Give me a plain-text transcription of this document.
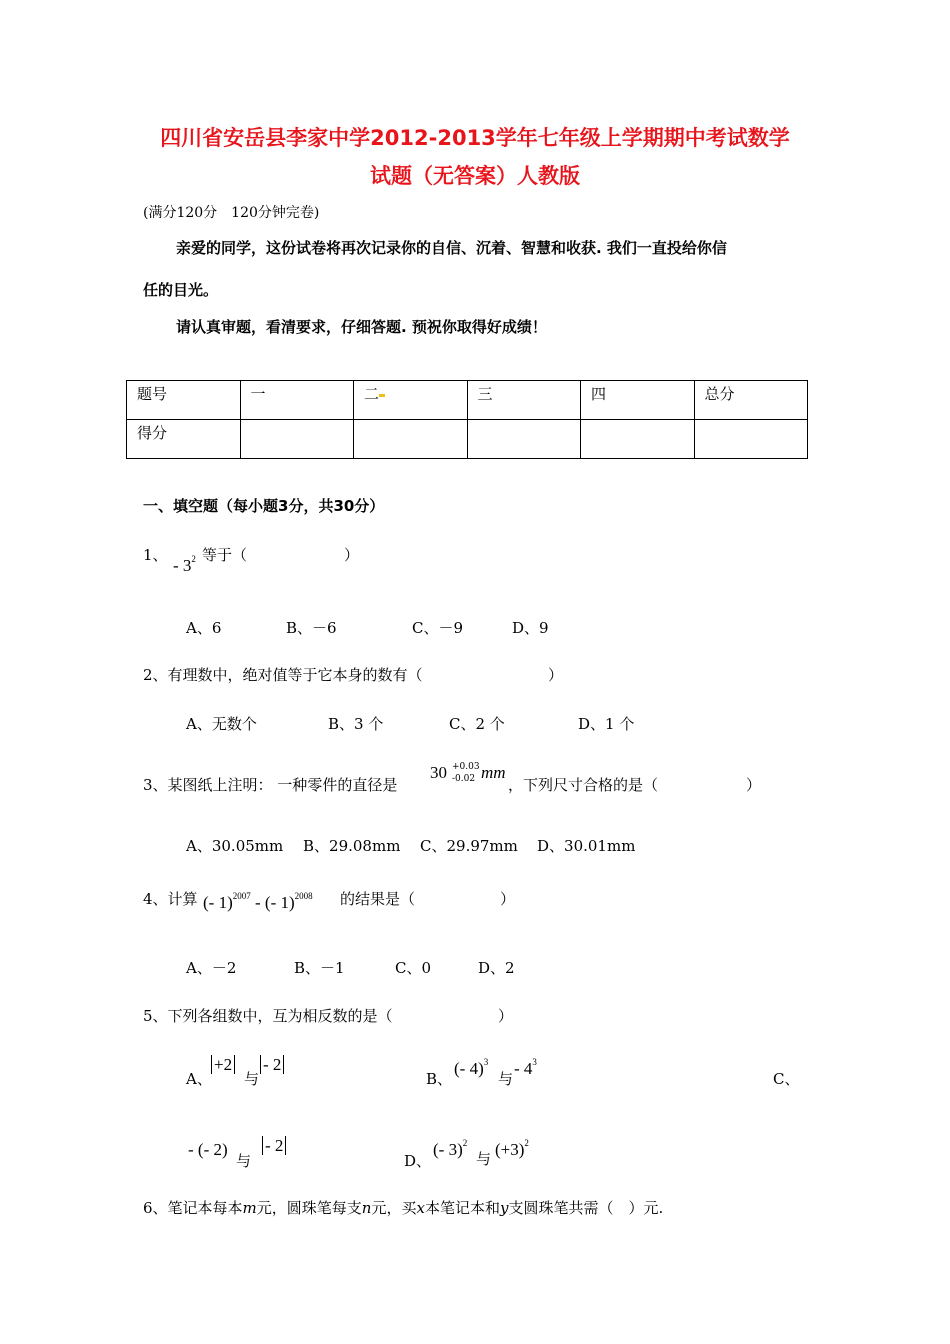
四川省安岳县李家中学2012-2013学年七年级上学期期中考试数学
试题（无答案）人教版
(满分120分　120分钟完卷)
亲爱的同学，这份试卷将再次记录你的自信、沉着、智慧和收获. 我们一直投给你信
任的目光。
请认真审题，看清要求，仔细答题. 预祝你取得好成绩！
题号	一	二	三	四	总分
得分					
一、填空题（每小题3分，共30分）
1、
- $3^2$ 等于（	）
A、6	B、－6	C、－9	D、9
2、有理数中，绝对值等于它本身的数有（	）
A、无数个	B、3 个	C、2 个	D、1 个
3、某图纸上注明： 一种零件的直径是
30 +0.03
-0.02 mm
，下列尺寸合格的是（	）
A、30.05mm B、29.08mm C、29.97mm D、30.01mm
4、计算 (- 1)$^{2007}$ - (- 1)$^{2008}$ 的结果是（	）
A、－2	B、－1	C、0	D、2
5、下列各组数中，互为相反数的是（	）
A、
+2
与
- 2
B、
(- 4)$^3$
与
- $4^3$
C、
- (- 2)
与
- 2
D、
(- 3)$^2$
与 $(+3)^2$
6、笔记本每本m元，圆珠笔每支n元，买x本笔记本和y支圆珠笔共需（　）元.
